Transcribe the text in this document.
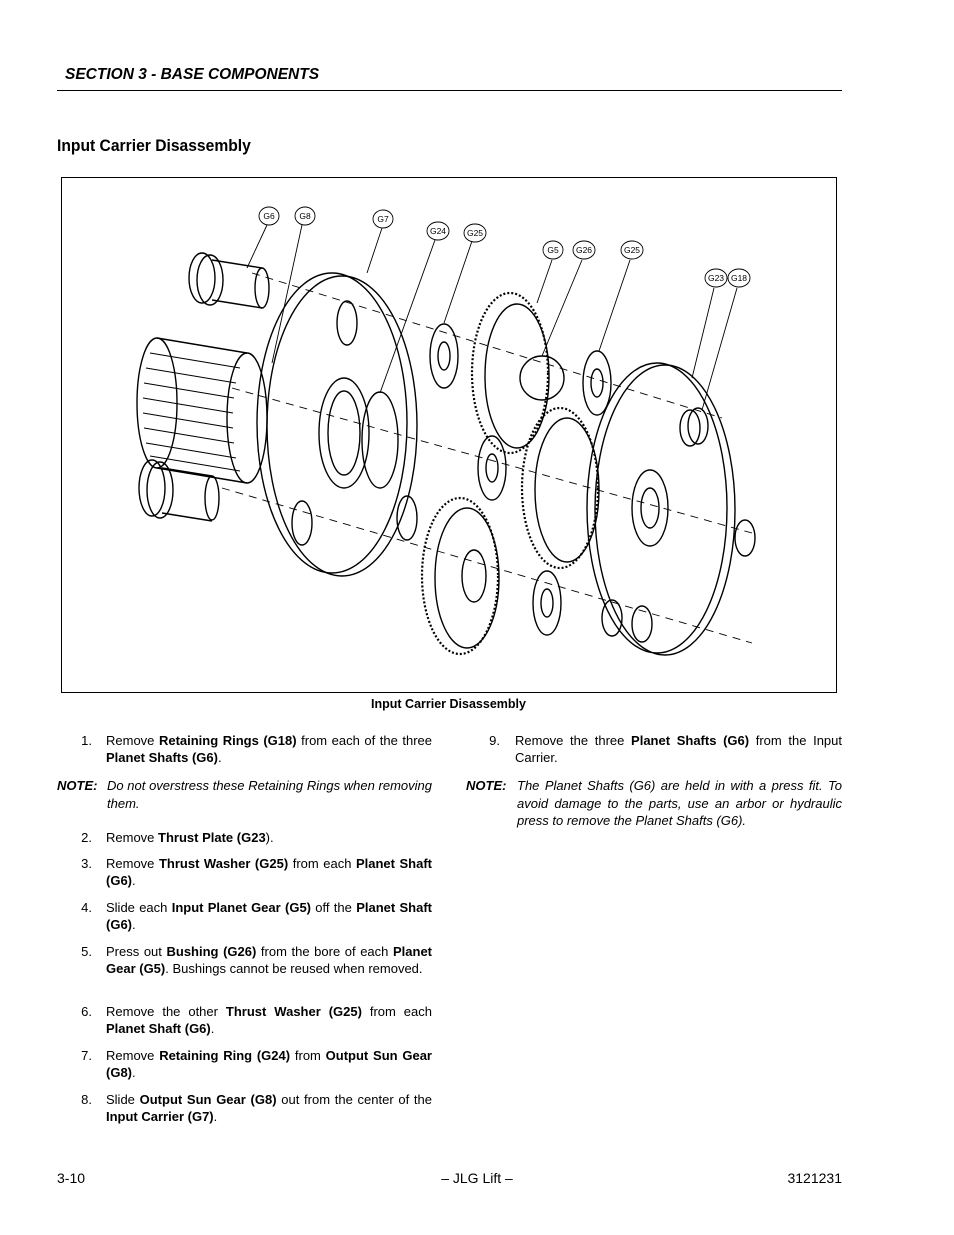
SECTION 3 - BASE COMPONENTS
Input Carrier Disassembly
G6	G8	G7
G24 G25
G5 G26	G25
G23 G18
Input Carrier Disassembly
1. Remove Retaining Rings (G18) from each of the three Planet Shafts (G6).
2. Remove Thrust Plate (G23).
3. Remove Thrust Washer (G25) from each Planet Shaft (G6).
4. Slide each Input Planet Gear (G5) off the Planet Shaft (G6).
5. Press out Bushing (G26) from the bore of each Planet Gear (G5). Bushings cannot be reused when removed.
6. Remove the other Thrust Washer (G25) from each Planet Shaft (G6).
7. Remove Retaining Ring (G24) from Output Sun Gear (G8).
8. Slide Output Sun Gear (G8) out from the center of the Input Carrier (G7).
NOTE: Do not overstress these Retaining Rings when removing them.
9. Remove the three Planet Shafts (G6) from the Input Carrier.
NOTE: The Planet Shafts (G6) are held in with a press fit. To avoid damage to the parts, use an arbor or hydraulic press to remove the Planet Shafts (G6).
3-10	– JLG Lift –	3121231
